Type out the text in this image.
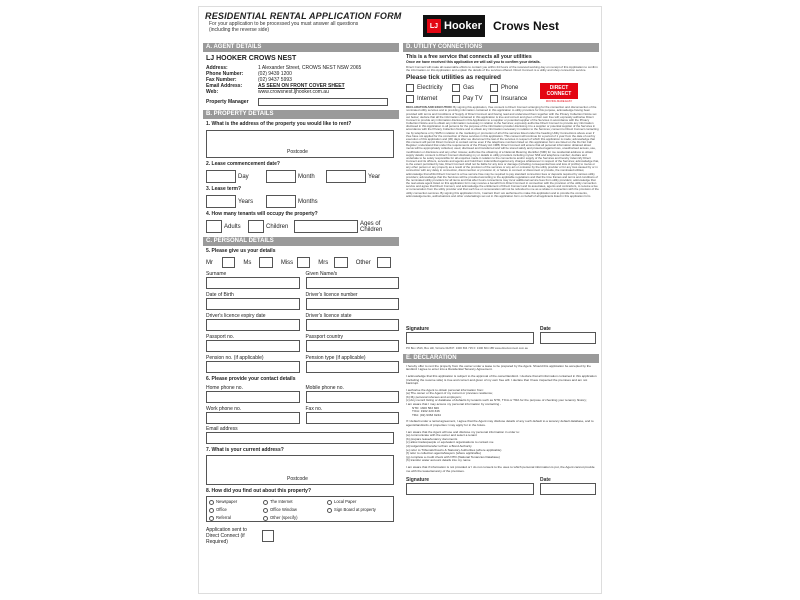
RESIDENTIAL RENTAL APPLICATION FORM
For your application to be processed you must answer all questions
(including the reverse side)	LJ Hooker Crows Nest
A. AGENT DETAILS
LJ HOOKER CROWS NEST
Address:	1 Alexander Street, CROWS NEST NSW 2065
Phone Number:	(02) 9439 1200
Fax Number:	(02) 9437 5993
Email Address:	AS SEEN ON FRONT COVER SHEET
Web:	www.crowsnest.ljhooker.com.au
Property Manager
B. PROPERTY DETAILS
1. What is the address of the property you would like to rent?
Postcode
2. Lease commencement date?
Day	Month	Year
3. Lease term?
Years	Months
4. How many tenants will occupy the property?
Adults	Children	Ages of Children
C. PERSONAL DETAILS
5. Please give us your details
Mr	Ms	Miss	Mrs	Other
Surname	Given Name/s
Date of Birth	Driver's licence number
Driver's licence expiry date	Driver's licence state
Passport no.	Passport country
Pension no. (if applicable)	Pension type (if applicable)
6. Please provide your contact details
Home phone no.	Mobile phone no.
Work phone no.	Fax no.
Email address
7. What is your current address?
Postcode
8. How did you find out about this property?
Newspaper	The Internet	Local Paper
Office	Office Window	Sign Board at property
Referral	Other (specify)
Application sent to
Direct Connect (if Required)
D. UTILITY CONNECTIONS
This is a free service that connects all your utilities
Once we have received this application we will call you to confirm your details.
Direct Connect will make all reasonable efforts to contact you within 24 hours of the received working day on receipt of this Application to confirm the information on this Application and explain the details of the services offered. Direct Connect is a utility and shop connection service.
Please tick utilities as required
Electricity	Gas	Phone
Internet	Pay TV	Insurance
DIRECT
CONNECT
MOVING MADE EASY
DECLARATION AND EXECUTION: By signing this application, I/we consent to Direct Connect arranging for the connection and disconnection of the nominated utility services and to providing information contained in this application to utility providers for this purpose, acknowledge having been provided with terms and Conditions of Supply of Direct Connect and having read and understood them together with the Privacy Collection Notice set out below; declare that all the information contained in this application is true and correct and given of their own free will; expressly authorise Direct Connect to provide any information disclosed in this Application to a supplier or potential supplier of the Services in accordance with the Privacy Collection Notice and to obtain any information necessary in relation to the Services; expressly authorise Direct Connect to provide any information disclosed in this Application to all persons for the purpose of the information provider disclosing it to a supplier or potential supplier of the Services in accordance with the Privacy Collection Notice and to obtain any information necessary in relation to the Services; consent to Direct Connect contacting me by telephone or by SMS in relation to the marketing or promotion of all of the services listed under the heading Utility Connections above even if I/we have not applied for the connection of those services in this application. This consent will continue for a period of 1 year from the date of our/my execution of this application and (30) days after we disconnect the last of the services in respect of which this application is made; acknowledge that this consent will permit Direct Connect to contact us/me even if the telephone numbers listed on this application form are listed on the Do Not Call Register; understand that under the requirements of the Privacy Act 1988, Direct Connect will ensure that all personal information obtained about me/us will be appropriately collected, used, disclosed and transferred and will be stored safely and protected against loss, unauthorised access, use, modification or disclosure and any other misuse; authorise the obtaining of a National Metering Identifier (NMI) for me residential address to obtain supply details; consent to Direct Connect disclosing my or details to utility providers including my/our NMI and telephone number; declare and undertake to be solely responsible for all enquiries made in relation to the connections and/or supply of the Services and hereby indemnify Direct Connect and its officers, servants and agents and hold them indemnified against any charges whatsoever in respect of the Services; acknowledge that, to the extent permitted by law, Direct Connect shall not be liable for any loss or damage (including consequential loss and loss of profits) to me/us or any other person or any property as a result of the provision of the services or any act or omission by the utility provider or for any loss caused by or in connection with any delay in connection, disconnection or provision of, or failure to connect or disconnect or provide, the nominated utilities; acknowledge that whilst Direct Connect is a free service I/we may be required to pay standard connection fees or deposits required by various utility providers; acknowledge that the Services will be provided according to the applicable regulations and that the time frames and terms and conditions of the nominated utility providers for all items and that after hours connections may incur additional service fees from utility providers; acknowledge that the real estate agent listed on this application form may receive a benefit from Direct Connect in connection with the provision of the utility connection service and agree that Direct Connect, and acknowledge the entitlement of Direct Connect and its associates, agents and contractors, to receive a fee or remuneration from the utility provider and that such fee or remuneration will not be refunded to me as a rebate in connection with the provision of the utility connection services. By signing this application form, I warrant that I am authorised to make this application and to provide the consents, acknowledgements, authorisations and other undertakings set out in this application form on behalf of all applicants listed in this application form.
Signature	Date
PO Box 1516, Box Hill, Victoria 3128 P: 1300 664 715 F: 1300 664 185 www.directconnect.com.au
E. DECLARATION
I hereby offer to rent the property from the owner under a lease to be prepared by the Agent. Should this application be accepted by the landlord I agree to enter into a Residential Tenancy Agreement.
I acknowledge that this application is subject to the approval of the owner/landlord. I declare that all information contained in this application (including the reverse side) is true and correct and given of my own free will. I declare that I have inspected the premises and am not bankrupt.
I authorise the Agent to obtain personal information from:
(a) The owner or the Agent of my current or previous residence;
(b) My personal referees and employers;
(c) Any record listing or database of defaults by tenants such as NTD, TICA or TRA for the purpose of checking your tenancy history;
I am aware that I may access my personal information by contacting -
NTD: 1300 563 826
TICA: 1902 220 346
TRA: (02) 9363 9244
If I default under a rental agreement, I agree that the Agent may disclose details of any such default to a tenancy default database, and to agents/landlords of properties I may apply for in the future.
I am aware that the Agent will use and disclose my personal information in order to:
(a) communicate with the owner and select a tenant
(b) prepare lease/tenancy documents
(c) allow tradespeople or equivalent organisations to contact me
(d) lodge/claim/transfer to/from a Bond Authority
(e) refer to Tribunals/Courts & Statutory Authorities (where applicable)
(f) refer to collection agents/lawyers (where applicable)
(g) complete a credit check with NTD (National Tenancies Database)
(h) transfer water account details into my name
I am aware that if information is not provided or I do not consent to the uses to which personal information is put, the Agent cannot provide me with the lease/tenancy of the premises.
Signature	Date
